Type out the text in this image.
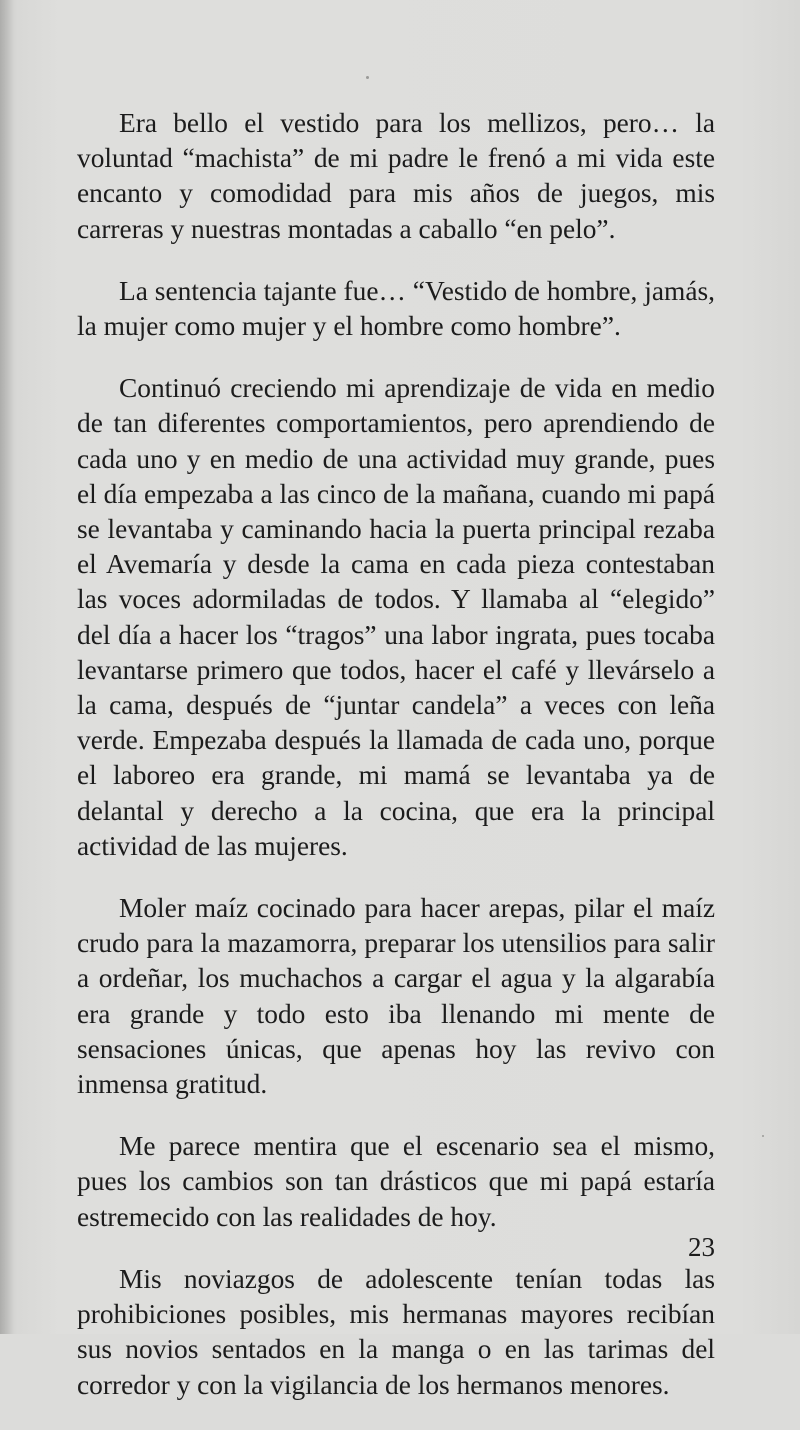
Era bello el vestido para los mellizos, pero… la voluntad “machista” de mi padre le frenó a mi vida este encanto y comodidad para mis años de juegos, mis carreras y nuestras montadas a caballo “en pelo”.

La sentencia tajante fue… “Vestido de hombre, jamás, la mujer como mujer y el hombre como hombre”.

Continuó creciendo mi aprendizaje de vida en medio de tan diferentes comportamientos, pero aprendiendo de cada uno y en medio de una actividad muy grande, pues el día empezaba a las cinco de la mañana, cuando mi papá se levantaba y caminando hacia la puerta principal rezaba el Avemaría y desde la cama en cada pieza contestaban las voces adormiladas de todos. Y llamaba al “elegido” del día a hacer los “tragos” una labor ingrata, pues tocaba levantarse primero que todos, hacer el café y llevárselo a la cama, después de “juntar candela” a veces con leña verde. Empezaba después la llamada de cada uno, porque el laboreo era grande, mi mamá se levantaba ya de delantal y derecho a la cocina, que era la principal actividad de las mujeres.

Moler maíz cocinado para hacer arepas, pilar el maíz crudo para la mazamorra, preparar los utensilios para salir a ordeñar, los muchachos a cargar el agua y la algarabía era grande y todo esto iba llenando mi mente de sensaciones únicas, que apenas hoy las revivo con inmensa gratitud.

Me parece mentira que el escenario sea el mismo, pues los cambios son tan drásticos que mi papá estaría estremecido con las realidades de hoy.

Mis noviazgos de adolescente tenían todas las prohibiciones posibles, mis hermanas mayores recibían sus novios sentados en la manga o en las tarimas del corredor y con la vigilancia de los hermanos menores.

23
